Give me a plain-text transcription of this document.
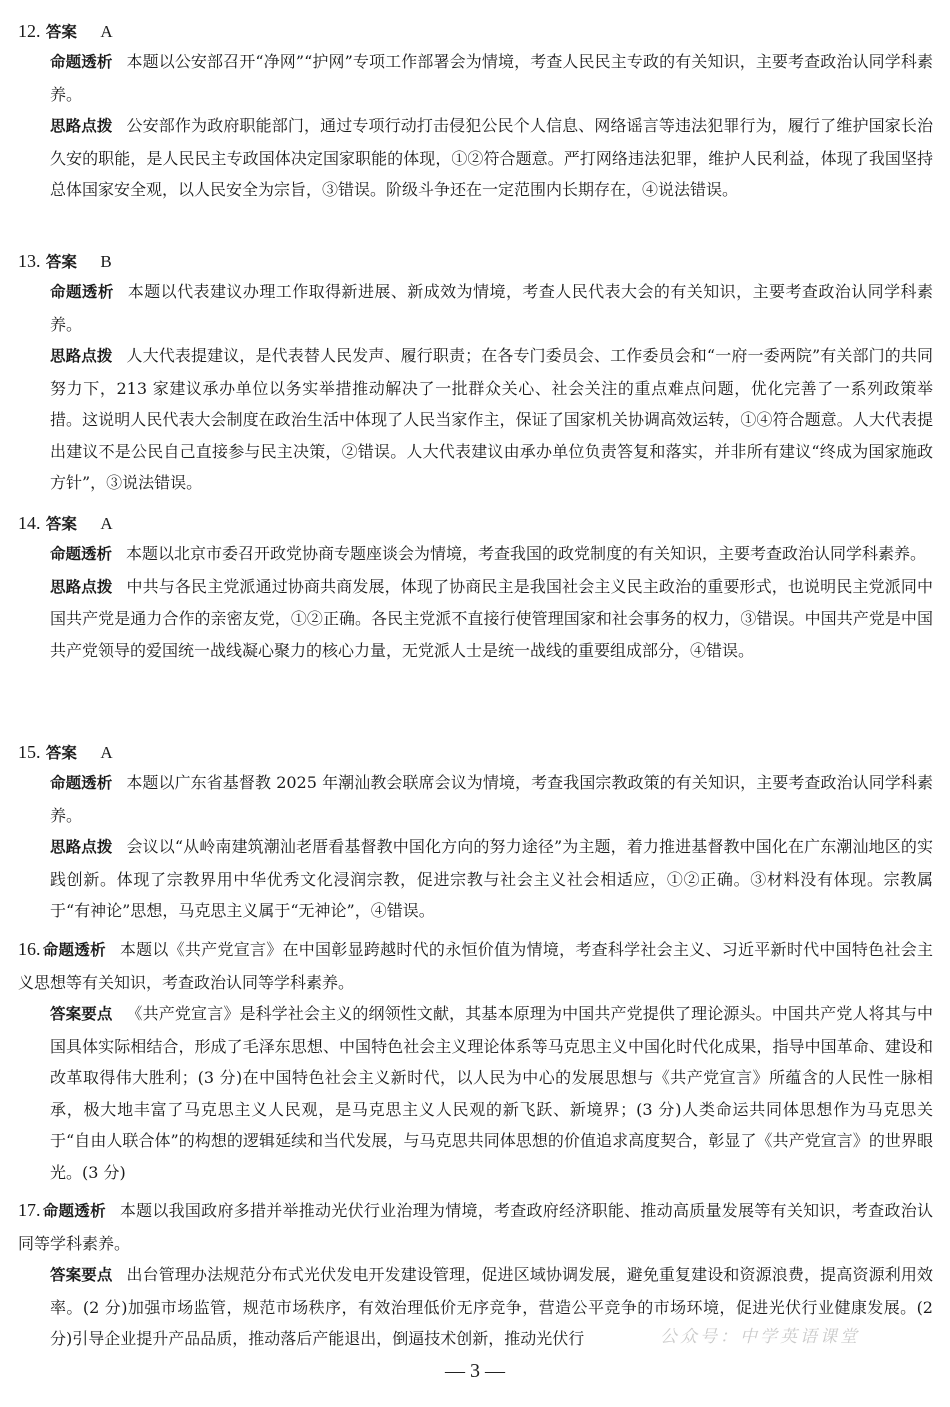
12. 答案 A
命题透析 本题以公安部召开“净网”“护网”专项工作部署会为情境，考查人民民主专政的有关知识，主要考查政治认同学科素养。
思路点拨 公安部作为政府职能部门，通过专项行动打击侵犯公民个人信息、网络谣言等违法犯罪行为，履行了维护国家长治久安的职能，是人民民主专政国体决定国家职能的体现，①②符合题意。严打网络违法犯罪，维护人民利益，体现了我国坚持总体国家安全观，以人民安全为宗旨，③错误。阶级斗争还在一定范围内长期存在，④说法错误。
13. 答案 B
命题透析 本题以代表建议办理工作取得新进展、新成效为情境，考查人民代表大会的有关知识，主要考查政治认同学科素养。
思路点拨 人大代表提建议，是代表替人民发声、履行职责；在各专门委员会、工作委员会和“一府一委两院”有关部门的共同努力下，213 家建议承办单位以务实举措推动解决了一批群众关心、社会关注的重点难点问题，优化完善了一系列政策举措。这说明人民代表大会制度在政治生活中体现了人民当家作主，保证了国家机关协调高效运转，①④符合题意。人大代表提出建议不是公民自己直接参与民主决策，②错误。人大代表建议由承办单位负责答复和落实，并非所有建议“终成为国家施政方针”，③说法错误。
14. 答案 A
命题透析 本题以北京市委召开政党协商专题座谈会为情境，考查我国的政党制度的有关知识，主要考查政治认同学科素养。
思路点拨 中共与各民主党派通过协商共商发展，体现了协商民主是我国社会主义民主政治的重要形式，也说明民主党派同中国共产党是通力合作的亲密友党，①②正确。各民主党派不直接行使管理国家和社会事务的权力，③错误。中国共产党是中国共产党领导的爱国统一战线凝心聚力的核心力量，无党派人士是统一战线的重要组成部分，④错误。
15. 答案 A
命题透析 本题以广东省基督教 2025 年潮汕教会联席会议为情境，考查我国宗教政策的有关知识，主要考查政治认同学科素养。
思路点拨 会议以“从岭南建筑潮汕老厝看基督教中国化方向的努力途径”为主题，着力推进基督教中国化在广东潮汕地区的实践创新。体现了宗教界用中华优秀文化浸润宗教，促进宗教与社会主义社会相适应，①②正确。③材料没有体现。宗教属于“有神论”思想，马克思主义属于“无神论”，④错误。
16. 命题透析 本题以《共产党宣言》在中国彰显跨越时代的永恒价值为情境，考查科学社会主义、习近平新时代中国特色社会主义思想等有关知识，考查政治认同等学科素养。
答案要点 《共产党宣言》是科学社会主义的纲领性文献，其基本原理为中国共产党提供了理论源头。中国共产党人将其与中国具体实际相结合，形成了毛泽东思想、中国特色社会主义理论体系等马克思主义中国化时代化成果，指导中国革命、建设和改革取得伟大胜利；(3 分)在中国特色社会主义新时代，以人民为中心的发展思想与《共产党宣言》所蕴含的人民性一脉相承，极大地丰富了马克思主义人民观，是马克思主义人民观的新飞跃、新境界；(3 分)人类命运共同体思想作为马克思关于“自由人联合体”的构想的逻辑延续和当代发展，与马克思共同体思想的价值追求高度契合，彰显了《共产党宣言》的世界眼光。(3 分)
17. 命题透析 本题以我国政府多措并举推动光伏行业治理为情境，考查政府经济职能、推动高质量发展等有关知识，考查政治认同等学科素养。
答案要点 出台管理办法规范分布式光伏发电开发建设管理，促进区域协调发展，避免重复建设和资源浪费，提高资源利用效率。(2 分)加强市场监管，规范市场秩序，有效治理低价无序竞争，营造公平竞争的市场环境，促进光伏行业健康发展。(2 分)引导企业提升产品品质，推动落后产能退出，倒逼技术创新，推动光伏行	公众号：中学英语课堂
— 3 —
